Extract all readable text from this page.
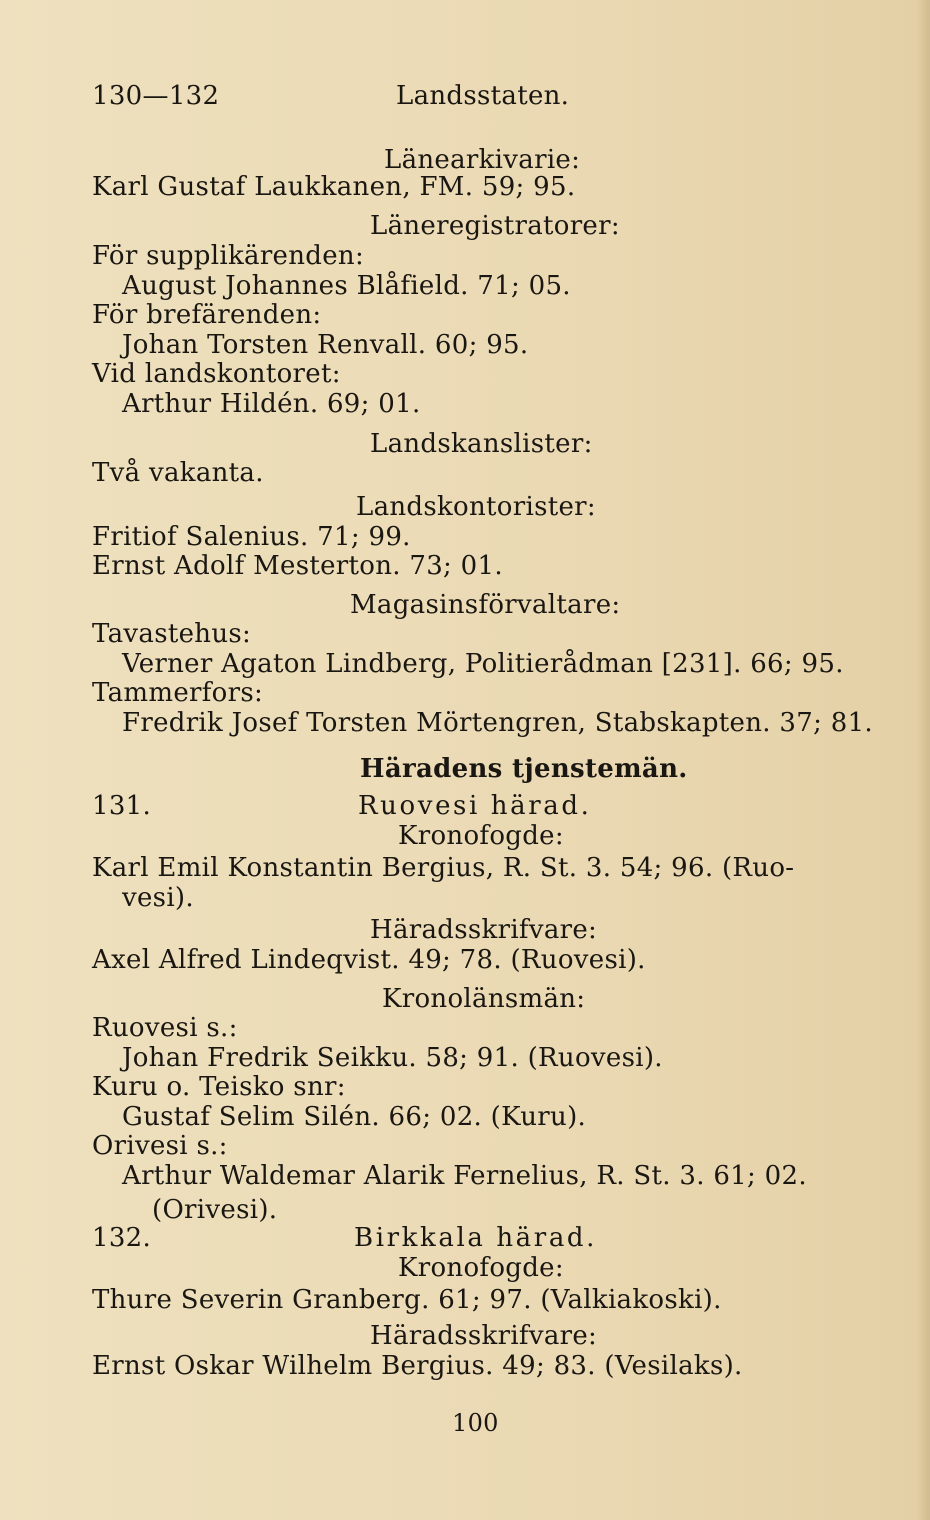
130—132	Landsstaten.
Länearkivarie:
Karl Gustaf Laukkanen, FM. 59; 95.
Läneregistratorer:
För supplikärenden:
August Johannes Blåfield. 71; 05.
För brefärenden:
Johan Torsten Renvall. 60; 95.
Vid landskontoret:
Arthur Hildén. 69; 01.
Landskanslister:
Två vakanta.
Landskontorister:
Fritiof Salenius. 71; 99.
Ernst Adolf Mesterton. 73; 01.
Magasinsförvaltare:
Tavastehus:
Verner Agaton Lindberg, Politierådman [231]. 66; 95.
Tammerfors:
Fredrik Josef Torsten Mörtengren, Stabskapten. 37; 81.
Häradens tjenstemän.
131.	Ruovesi härad.
Kronofogde:
Karl Emil Konstantin Bergius, R. St. 3. 54; 96. (Ruo-
vesi).
Häradsskrifvare:
Axel Alfred Lindeqvist. 49; 78. (Ruovesi).
Kronolänsmän:
Ruovesi s.:
Johan Fredrik Seikku. 58; 91. (Ruovesi).
Kuru o. Teisko snr:
Gustaf Selim Silén. 66; 02. (Kuru).
Orivesi s.:
Arthur Waldemar Alarik Fernelius, R. St. 3. 61; 02.
(Orivesi).
132.	Birkkala härad.
Kronofogde:
Thure Severin Granberg. 61; 97. (Valkiakoski).
Häradsskrifvare:
Ernst Oskar Wilhelm Bergius. 49; 83. (Vesilaks).
100
